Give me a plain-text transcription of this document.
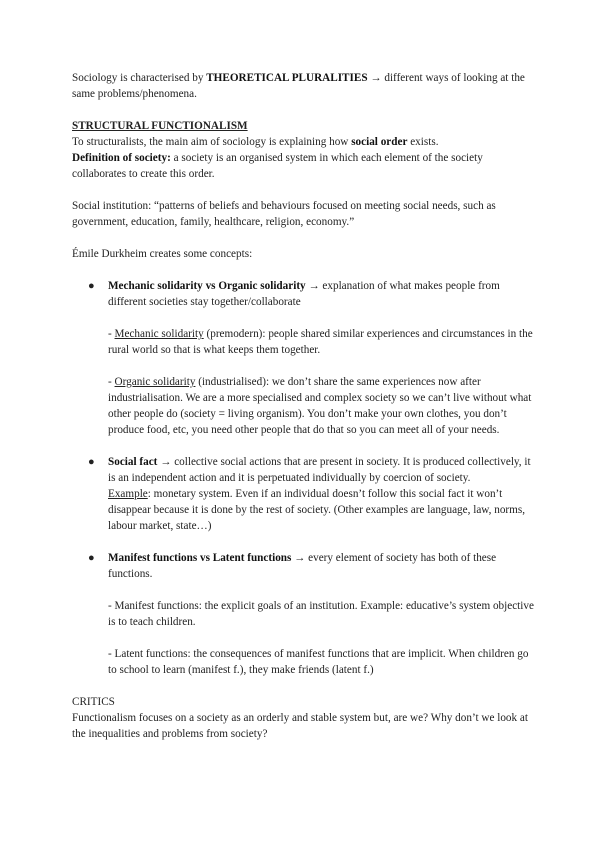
Sociology is characterised by THEORETICAL PLURALITIES → different ways of looking at the same problems/phenomena.

STRUCTURAL FUNCTIONALISM

To structuralists, the main aim of sociology is explaining how social order exists.

Definition of society: a society is an organised system in which each element of the society collaborates to create this order.

Social institution: “patterns of beliefs and behaviours focused on meeting social needs, such as government, education, family, healthcare, religion, economy.”

Émile Durkheim creates some concepts:

● Mechanic solidarity vs Organic solidarity → explanation of what makes people from different societies stay together/collaborate

- Mechanic solidarity (premodern): people shared similar experiences and circumstances in the rural world so that is what keeps them together.

- Organic solidarity (industrialised): we don’t share the same experiences now after industrialisation. We are a more specialised and complex society so we can’t live without what other people do (society = living organism). You don’t make your own clothes, you don’t produce food, etc, you need other people that do that so you can meet all of your needs.

● Social fact → collective social actions that are present in society. It is produced collectively, it is an independent action and it is perpetuated individually by coercion of society.

Example: monetary system. Even if an individual doesn’t follow this social fact it won’t disappear because it is done by the rest of society. (Other examples are language, law, norms, labour market, state…)

● Manifest functions vs Latent functions → every element of society has both of these functions.

- Manifest functions: the explicit goals of an institution. Example: educative’s system objective is to teach children.

- Latent functions: the consequences of manifest functions that are implicit. When children go to school to learn (manifest f.), they make friends (latent f.)

CRITICS

Functionalism focuses on a society as an orderly and stable system but, are we? Why don’t we look at the inequalities and problems from society?
